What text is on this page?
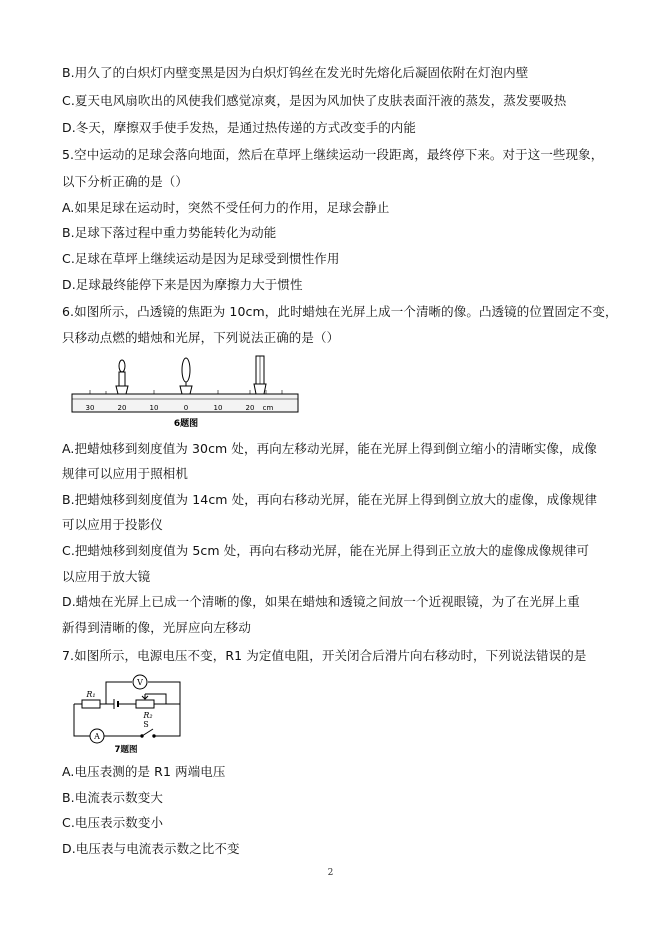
B.用久了的白炽灯内壁变黑是因为白炽灯钨丝在发光时先熔化后凝固依附在灯泡内壁
C.夏天电风扇吹出的风使我们感觉凉爽，是因为风加快了皮肤表面汗液的蒸发，蒸发要吸热
D.冬天，摩擦双手使手发热，是通过热传递的方式改变手的内能
5.空中运动的足球会落向地面，然后在草坪上继续运动一段距离，最终停下来。对于这一些现象，
以下分析正确的是（）
A.如果足球在运动时，突然不受任何力的作用，足球会静止
B.足球下落过程中重力势能转化为动能
C.足球在草坪上继续运动是因为足球受到惯性作用
D.足球最终能停下来是因为摩擦力大于惯性
6.如图所示，凸透镜的焦距为 10cm，此时蜡烛在光屏上成一个清晰的像。凸透镜的位置固定不变，
只移动点燃的蜡烛和光屏，下列说法正确的是（）
30	20	10	0	10	20 cm
6题图
A.把蜡烛移到刻度值为 30cm 处，再向左移动光屏，能在光屏上得到倒立缩小的清晰实像，成像
规律可以应用于照相机
B.把蜡烛移到刻度值为 14cm 处，再向右移动光屏，能在光屏上得到倒立放大的虚像，成像规律
可以应用于投影仪
C.把蜡烛移到刻度值为 5cm 处，再向右移动光屏，能在光屏上得到正立放大的虚像成像规律可
以应用于放大镜
D.蜡烛在光屏上已成一个清晰的像，如果在蜡烛和透镜之间放一个近视眼镜，为了在光屏上重
新得到清晰的像，光屏应向左移动
7.如图所示，电源电压不变，R1 为定值电阻，开关闭合后滑片向右移动时，下列说法错误的是
R₁
V
R₂
A
S
7题图
A.电压表测的是 R1 两端电压
B.电流表示数变大
C.电压表示数变小
D.电压表与电流表示数之比不变
2
